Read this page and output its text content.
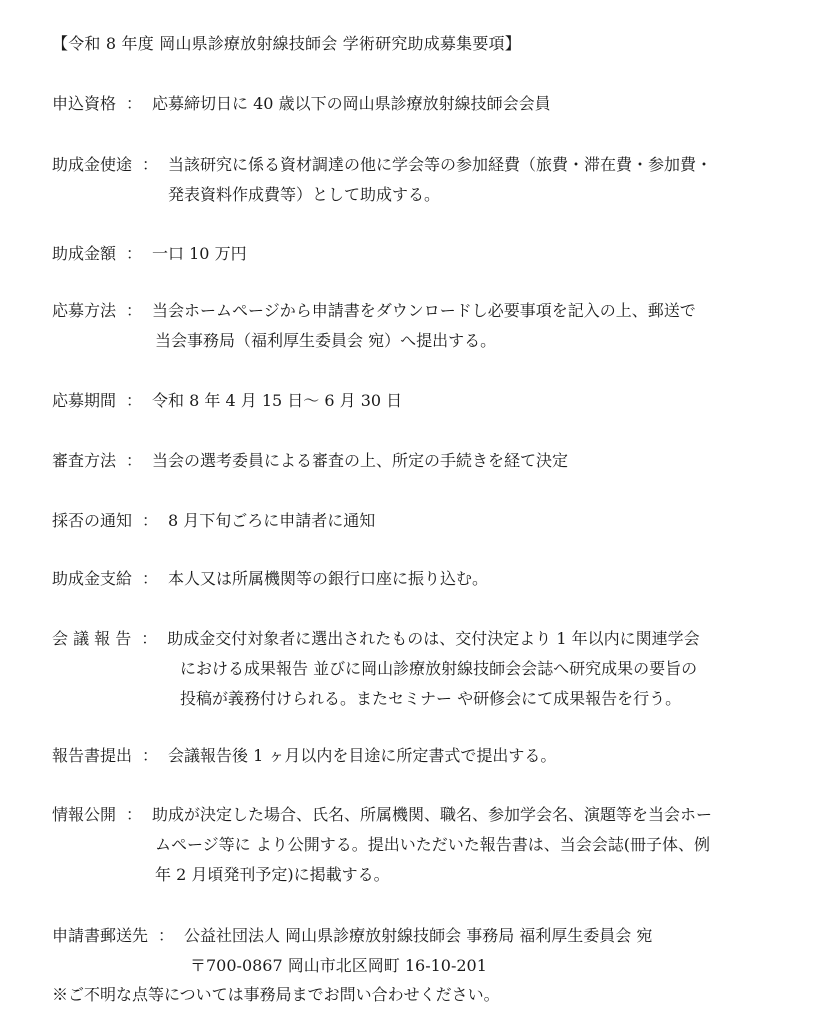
【令和 8 年度 岡山県診療放射線技師会 学術研究助成募集要項】
申込資格 ： 応募締切日に 40 歳以下の岡山県診療放射線技師会会員
助成金使途 ： 当該研究に係る資材調達の他に学会等の参加経費（旅費・滞在費・参加費・
発表資料作成費等）として助成する。
助成金額 ： 一口 10 万円
応募方法 ： 当会ホームページから申請書をダウンロードし必要事項を記入の上、郵送で
当会事務局（福利厚生委員会 宛）へ提出する。
応募期間 ： 令和 8 年 4 月 15 日～ 6 月 30 日
審査方法 ： 当会の選考委員による審査の上、所定の手続きを経て決定
採否の通知 ： 8 月下旬ごろに申請者に通知
助成金支給 ： 本人又は所属機関等の銀行口座に振り込む。
会 議 報 告 ： 助成金交付対象者に選出されたものは、交付決定より 1 年以内に関連学会
における成果報告 並びに岡山診療放射線技師会会誌へ研究成果の要旨の
投稿が義務付けられる。またセミナー や研修会にて成果報告を行う。
報告書提出 ： 会議報告後 1 ヶ月以内を目途に所定書式で提出する。
情報公開 ： 助成が決定した場合、氏名、所属機関、職名、参加学会名、演題等を当会ホー
ムページ等に より公開する。提出いただいた報告書は、当会会誌(冊子体、例
年 2 月頃発刊予定)に掲載する。
申請書郵送先 ： 公益社団法人 岡山県診療放射線技師会 事務局 福利厚生委員会 宛
〒700-0867 岡山市北区岡町 16-10-201
※ご不明な点等については事務局までお問い合わせください。
